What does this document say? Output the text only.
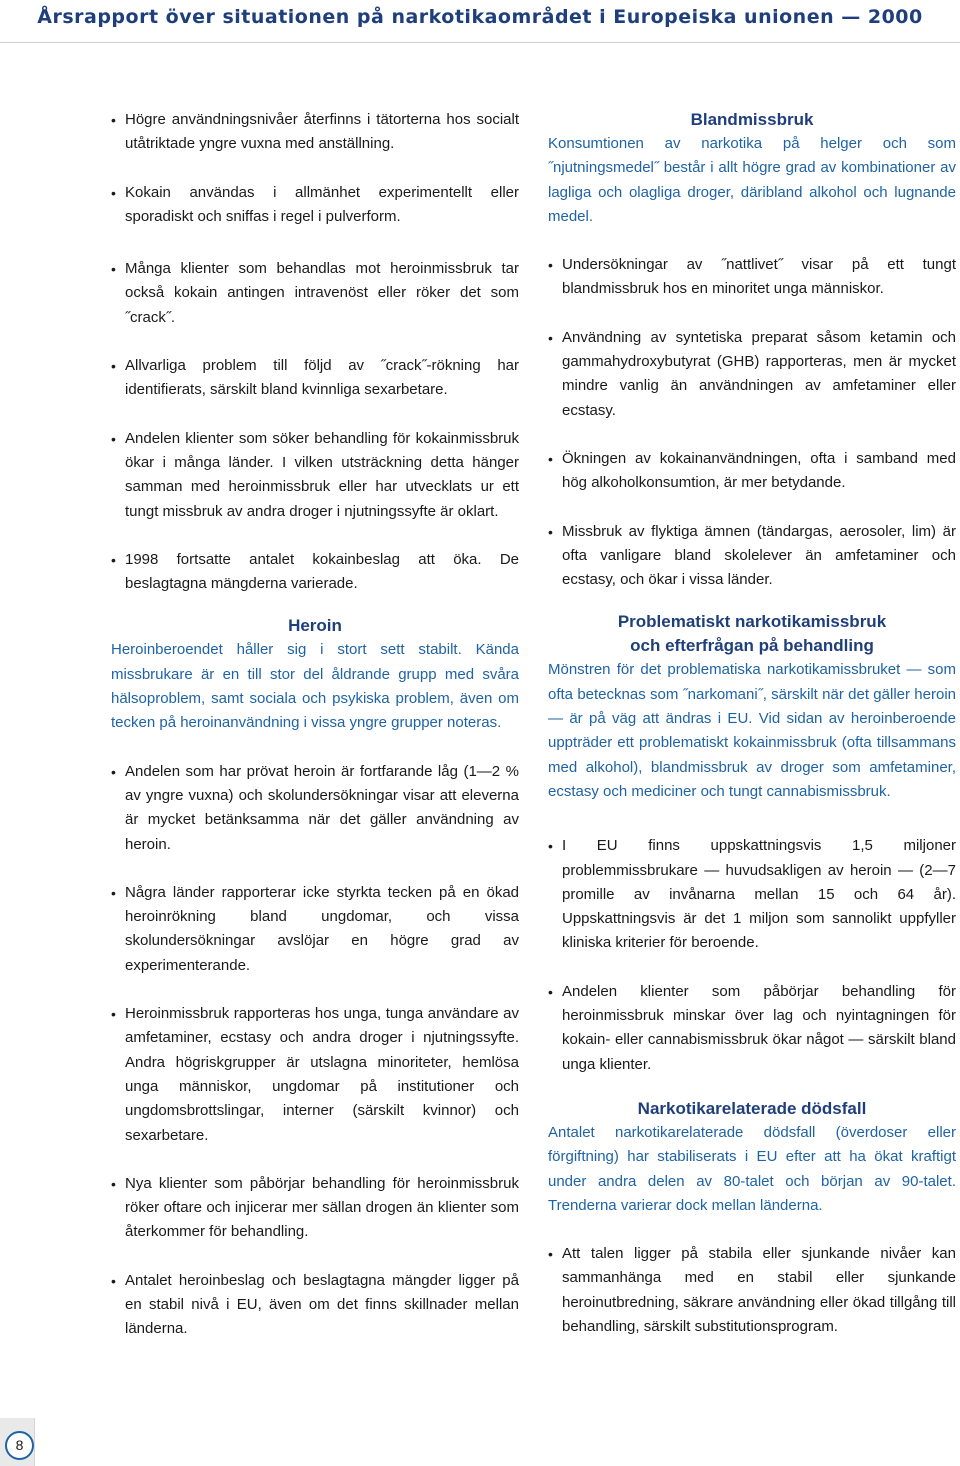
Årsrapport över situationen på narkotikaområdet i Europeiska unionen — 2000
• Högre användningsnivåer återfinns i tätorterna hos socialt utåtriktade yngre vuxna med anställning.
• Kokain användas i allmänhet experimentellt eller sporadiskt och sniffas i regel i pulverform.
• Många klienter som behandlas mot heroinmissbruk tar också kokain antingen intravenöst eller röker det som ˝crack˝.
• Allvarliga problem till följd av ˝crack˝-rökning har identifierats, särskilt bland kvinnliga sexarbetare.
• Andelen klienter som söker behandling för kokainmissbruk ökar i många länder. I vilken utsträckning detta hänger samman med heroinmissbruk eller har utvecklats ur ett tungt missbruk av andra droger i njutningssyfte är oklart.
• 1998 fortsatte antalet kokainbeslag att öka. De beslagtagna mängderna varierade.
Heroin

Heroinberoendet håller sig i stort sett stabilt. Kända missbrukare är en till stor del åldrande grupp med svåra hälsoproblem, samt sociala och psykiska problem, även om tecken på heroinanvändning i vissa yngre grupper noteras.

• Andelen som har prövat heroin är fortfarande låg (1—2 % av yngre vuxna) och skolundersökningar visar att eleverna är mycket betänksamma när det gäller användning av heroin.
• Några länder rapporterar icke styrkta tecken på en ökad heroinrökning bland ungdomar, och vissa skolundersökningar avslöjar en högre grad av experimenterande.
• Heroinmissbruk rapporteras hos unga, tunga användare av amfetaminer, ecstasy och andra droger i njutningssyfte. Andra högriskgrupper är utslagna minoriteter, hemlösa unga människor, ungdomar på institutioner och ungdomsbrottslingar, interner (särskilt kvinnor) och sexarbetare.
• Nya klienter som påbörjar behandling för heroinmissbruk röker oftare och injicerar mer sällan drogen än klienter som återkommer för behandling.
• Antalet heroinbeslag och beslagtagna mängder ligger på en stabil nivå i EU, även om det finns skillnader mellan länderna.
Blandmissbruk

Konsumtionen av narkotika på helger och som ˝njutningsmedel˝ består i allt högre grad av kombinationer av lagliga och olagliga droger, däribland alkohol och lugnande medel.

• Undersökningar av ˝nattlivet˝ visar på ett tungt blandmissbruk hos en minoritet unga människor.
• Användning av syntetiska preparat såsom ketamin och gammahydroxybutyrat (GHB) rapporteras, men är mycket mindre vanlig än användningen av amfetaminer eller ecstasy.
• Ökningen av kokainanvändningen, ofta i samband med hög alkoholkonsumtion, är mer betydande.
• Missbruk av flyktiga ämnen (tändargas, aerosoler, lim) är ofta vanligare bland skolelever än amfetaminer och ecstasy, och ökar i vissa länder.
Problematiskt narkotikamissbruk
och efterfrågan på behandling

Mönstren för det problematiska narkotikamissbruket — som ofta betecknas som ˝narkomani˝, särskilt när det gäller heroin — är på väg att ändras i EU. Vid sidan av heroinberoende uppträder ett problematiskt kokainmissbruk (ofta tillsammans med alkohol), blandmissbruk av droger som amfetaminer, ecstasy och mediciner och tungt cannabismissbruk.

• I EU finns uppskattningsvis 1,5 miljoner problemmissbrukare — huvudsakligen av heroin — (2—7 promille av invånarna mellan 15 och 64 år). Uppskattningsvis är det 1 miljon som sannolikt uppfyller kliniska kriterier för beroende.
• Andelen klienter som påbörjar behandling för heroinmissbruk minskar över lag och nyintagningen för kokain- eller cannabismissbruk ökar något — särskilt bland unga klienter.
Narkotikarelaterade dödsfall

Antalet narkotikarelaterade dödsfall (överdoser eller förgiftning) har stabiliserats i EU efter att ha ökat kraftigt under andra delen av 80-talet och början av 90-talet. Trenderna varierar dock mellan länderna.

• Att talen ligger på stabila eller sjunkande nivåer kan sammanhänga med en stabil eller sjunkande heroinutbredning, säkrare användning eller ökad tillgång till behandling, särskilt substitutionsprogram.
8
